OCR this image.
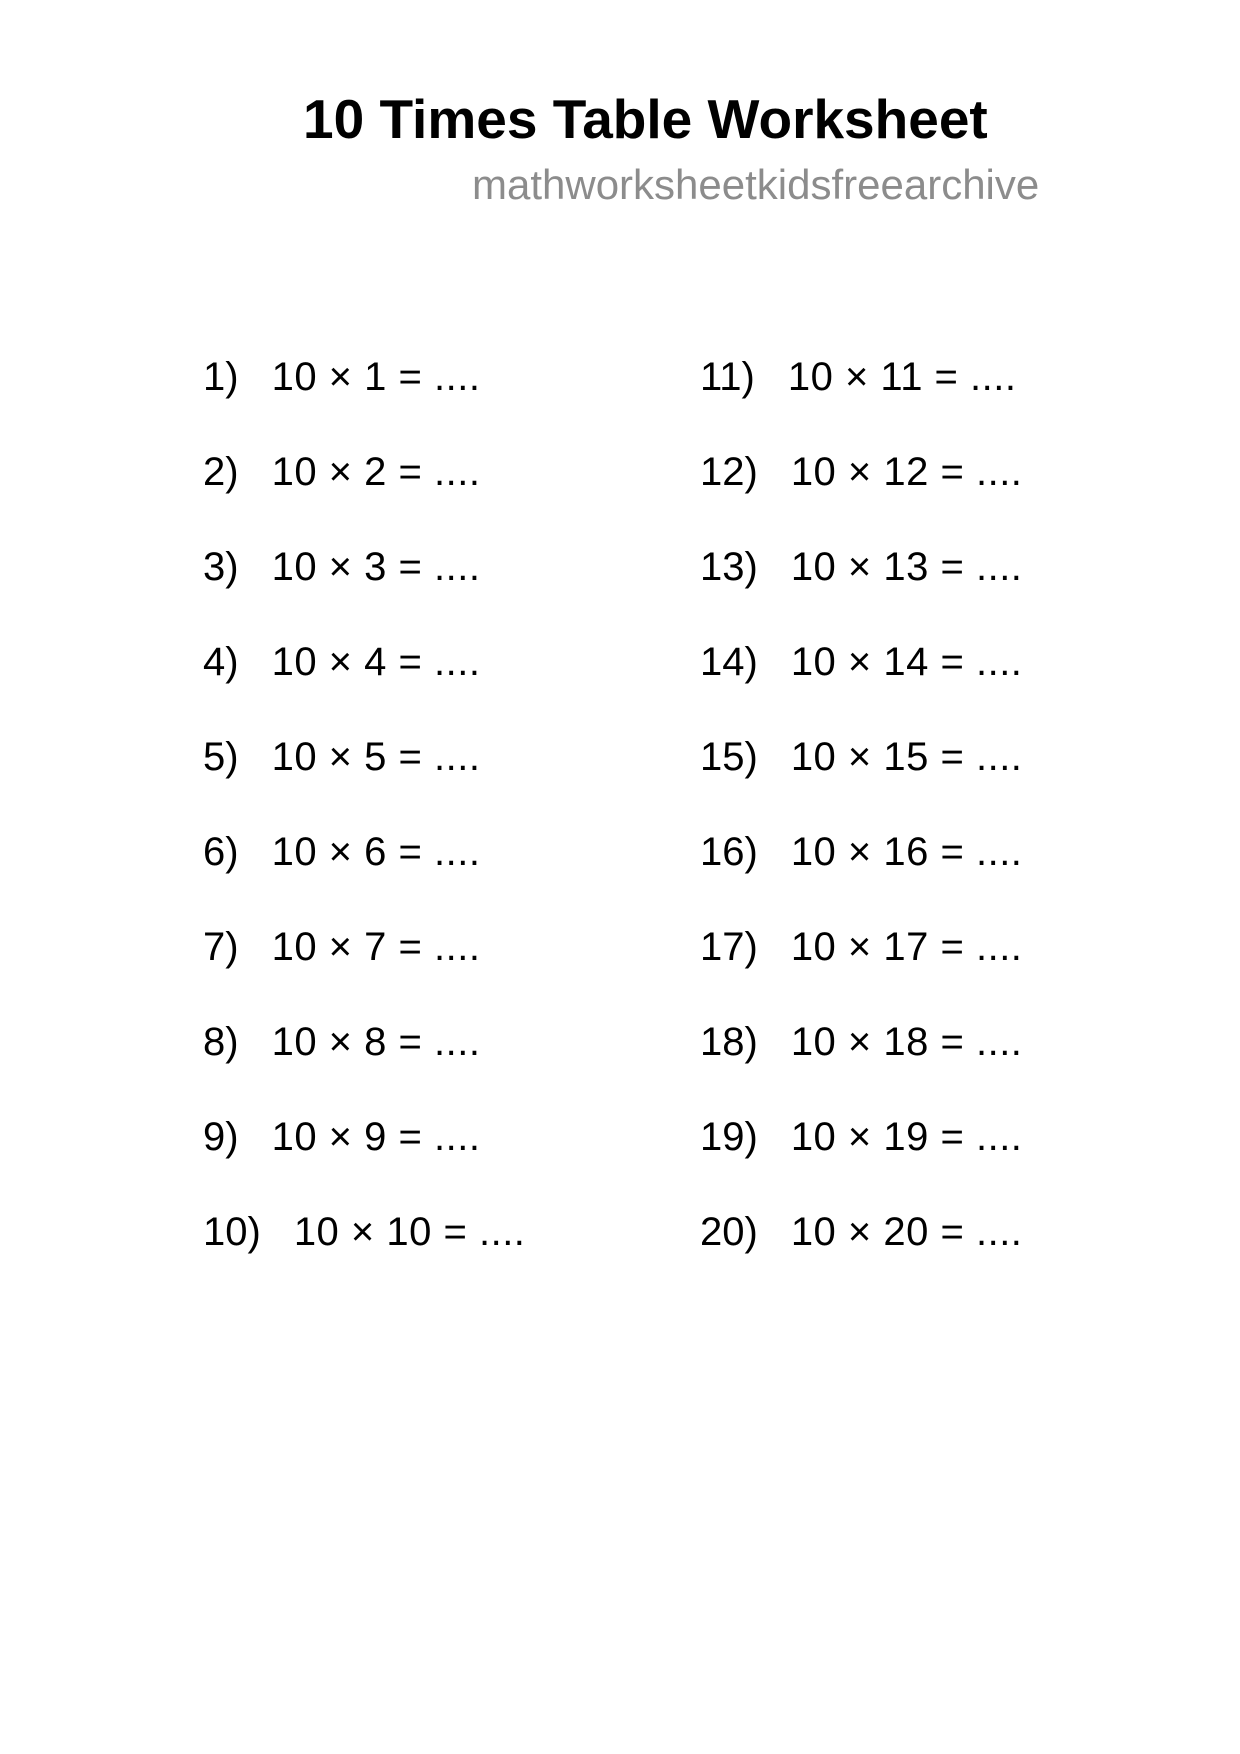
10 Times Table Worksheet
mathworksheetkidsfreearchive
1) 10 × 1 = ....
2) 10 × 2 = ....
3) 10 × 3 = ....
4) 10 × 4 = ....
5) 10 × 5 = ....
6) 10 × 6 = ....
7) 10 × 7 = ....
8) 10 × 8 = ....
9) 10 × 9 = ....
10) 10 × 10 = ....
11) 10 × 11 = ....
12) 10 × 12 = ....
13) 10 × 13 = ....
14) 10 × 14 = ....
15) 10 × 15 = ....
16) 10 × 16 = ....
17) 10 × 17 = ....
18) 10 × 18 = ....
19) 10 × 19 = ....
20) 10 × 20 = ....
